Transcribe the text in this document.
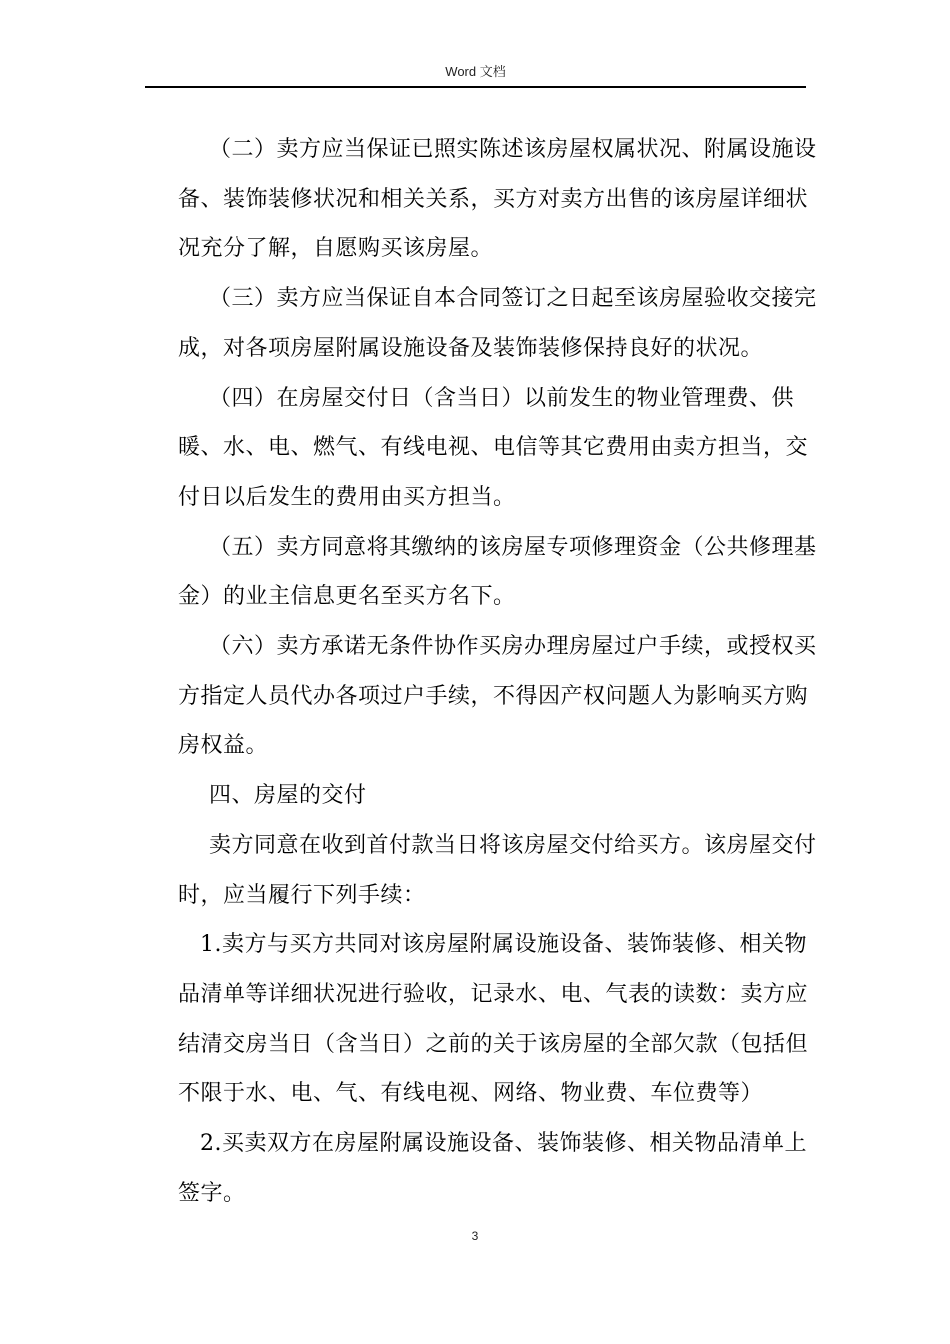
Word 文档

（二）卖方应当保证已照实陈述该房屋权属状况、附属设施设备、装饰装修状况和相关关系，买方对卖方出售的该房屋详细状况充分了解，自愿购买该房屋。

（三）卖方应当保证自本合同签订之日起至该房屋验收交接完成，对各项房屋附属设施设备及装饰装修保持良好的状况。

（四）在房屋交付日（含当日）以前发生的物业管理费、供暖、水、电、燃气、有线电视、电信等其它费用由卖方担当，交付日以后发生的费用由买方担当。

（五）卖方同意将其缴纳的该房屋专项修理资金（公共修理基金）的业主信息更名至买方名下。

（六）卖方承诺无条件协作买房办理房屋过户手续，或授权买方指定人员代办各项过户手续，不得因产权问题人为影响买方购房权益。

四、房屋的交付

卖方同意在收到首付款当日将该房屋交付给买方。该房屋交付时，应当履行下列手续：

1.卖方与买方共同对该房屋附属设施设备、装饰装修、相关物品清单等详细状况进行验收，记录水、电、气表的读数：卖方应结清交房当日（含当日）之前的关于该房屋的全部欠款（包括但不限于水、电、气、有线电视、网络、物业费、车位费等）

2.买卖双方在房屋附属设施设备、装饰装修、相关物品清单上签字。

3
